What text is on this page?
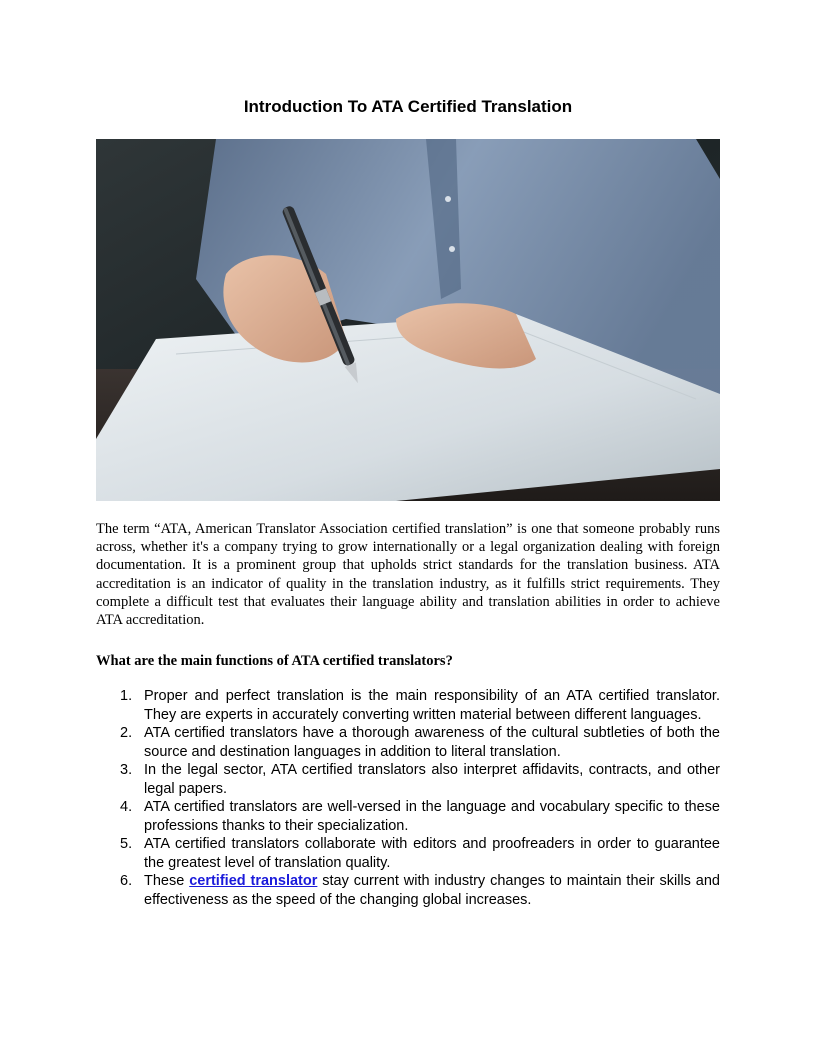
Introduction To ATA Certified Translation

The term “ATA, American Translator Association certified translation” is one that someone probably runs across, whether it's a company trying to grow internationally or a legal organization dealing with foreign documentation. It is a prominent group that upholds strict standards for the translation business. ATA accreditation is an indicator of quality in the translation industry, as it fulfills strict requirements. They complete a difficult test that evaluates their language ability and translation abilities in order to achieve ATA accreditation.

What are the main functions of ATA certified translators?
1. Proper and perfect translation is the main responsibility of an ATA certified translator. They are experts in accurately converting written material between different languages.
2. ATA certified translators have a thorough awareness of the cultural subtleties of both the source and destination languages in addition to literal translation.
3. In the legal sector, ATA certified translators also interpret affidavits, contracts, and other legal papers.
4. ATA certified translators are well-versed in the language and vocabulary specific to these professions thanks to their specialization.
5. ATA certified translators collaborate with editors and proofreaders in order to guarantee the greatest level of translation quality.
6. These certified translator stay current with industry changes to maintain their skills and effectiveness as the speed of the changing global increases.
